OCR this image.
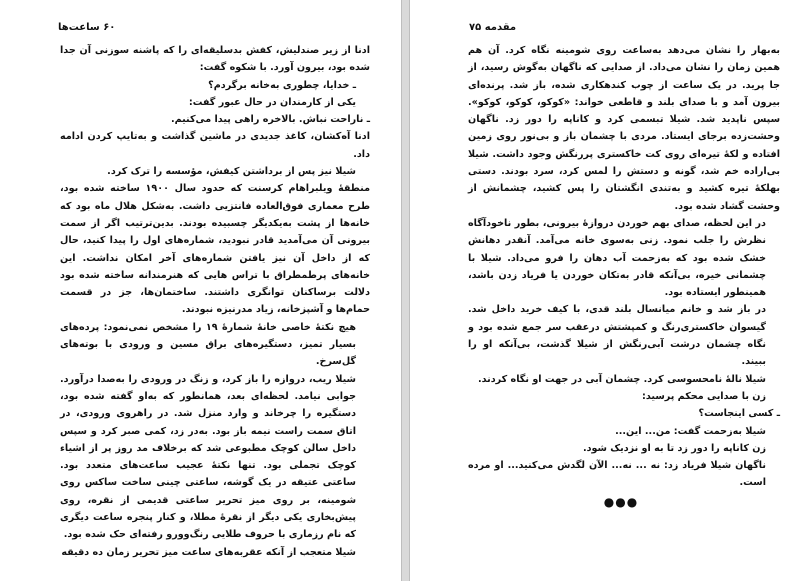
۶۰ ساعت‌ها

ادنا از زیر صندلیش، کفش بدسلیقه‌ای را که پاشنه سوزنی آن جدا شده بود، بیرون آورد. با شکوه گفت:

ـ خدایا، چطوری به‌خانه برگردم؟

یکی از کارمندان در حال عبور گفت:

ـ ناراحت نباش. بالاخره راهی پیدا می‌کنیم.

ادنا آه‌کشان، کاغذ جدیدی در ماشین گذاشت و به‌تایپ کردن ادامه داد.

شیلا نیز پس از برداشتن کیفش، مؤسسه را ترک کرد.

منطقهٔ ویلبراهام کرسنت که حدود سال ۱۹۰۰ ساخته شده بود، طرح معماری فوق‌العاده فانتزیی داشت. به‌شکل هلال ماه بود که خانه‌ها از پشت به‌یکدیگر چسبیده بودند. بدین‌ترتیب اگر از سمت بیرونی آن می‌آمدید قادر نبودید، شماره‌های اول را پیدا کنید، حال که از داخل آن نیز یافتن شماره‌های آخر امکان نداشت. این خانه‌های پرطمطراق با تراس هایی که هنرمندانه ساخته شده بود دلالت برساکنان توانگری داشتند. ساختمان‌ها، جز در قسمت حمام‌ها و آشپزخانه، زیاد مدرنیزه نبودند.

هیچ نکتهٔ خاصی خانهٔ شمارهٔ ۱۹ را مشخص نمی‌نمود: پرده‌های بسیار تمیز، دستگیره‌های براق مسین و ورودی با بوته‌های گل‌سرخ.

شیلا ریب، دروازه را باز کرد، و زنگ در ورودی را به‌صدا درآورد. جوابی نیامد. لحظه‌ای بعد، همانطور که به‌او گفته شده بود، دستگیره را چرخاند و وارد منزل شد. در راهروی ورودی، در اتاق سمت راست نیمه باز بود. به‌در زد، کمی صبر کرد و سپس داخل سالن کوچک مطبوعی شد که برخلاف مد روز پر از اشیاء کوچک تجملی بود. تنها نکتهٔ عجیب ساعت‌های متعدد بود. ساعتی عتیقه در یک گوشه، ساعتی چینی ساخت ساکس روی شومینه، بر روی میز تحریر ساعتی قدیمی از نقره، روی پیش‌بخاری یکی دیگر از نقرهٔ مطلا، و کنار پنجره ساعت دیگری که نام رزماری با حروف طلایی رنگ‌وورو رفته‌ای حک شده بود.

شیلا متعجب از آنکه عقربه‌های ساعت میز تحریر زمان ده دقیقه

مقدمه ۷۵

به‌بهار را نشان می‌دهد به‌ساعت روی شومینه نگاه کرد. آن هم همین زمان را نشان می‌داد. از صدایی که ناگهان به‌گوش رسید، از جا پرید. در یک ساعت از چوب کندهکاری شده، باز شد. پرنده‌ای بیرون آمد و با صدای بلند و قاطعی خواند: «کوکو، کوکو، کوکو». سپس ناپدید شد. شیلا تبسمی کرد و کاناپه را دور زد. ناگهان وحشت‌زده برجای ایستاد. مردی با چشمان باز و بی‌نور روی زمین افتاده و لکهٔ تیره‌ای روی کت خاکستری پررنگش وجود داشت. شیلا بی‌اراده خم شد، گونه و دستش را لمس کرد، سرد بودند. دستی بهلکهٔ تیره کشید و به‌تندی انگشتان را پس کشید، چشمانش از وحشت گشاد شده بود.

در این لحظه، صدای بهم خوردن دروازهٔ بیرونی، بطور ناخودآگاه نظرش را جلب نمود. زنی به‌سوی خانه می‌آمد. آنقدر دهانش خشک شده بود که به‌زحمت آب دهان را فرو می‌داد. شیلا با چشمانی خیره، بی‌آنکه قادر به‌تکان خوردن یا فریاد زدن باشد، همینطور ایستاده بود.

در باز شد و خانم میانسال بلند قدی، با کیف خرید داخل شد. گیسوان خاکستری‌رنگ و کمپشتش درعقب سر جمع شده بود و نگاه چشمان درشت آبی‌رنگش از شیلا گذشت، بی‌آنکه او را ببیند.

شیلا نالهٔ نامحسوسی کرد. چشمان آبی در جهت او نگاه کردند.

زن با صدایی محکم پرسید:

ـ کسی اینجاست؟

شیلا به‌زحمت گفت: من... این...

زن کاناپه را دور زد تا به او نزدیک شود.

ناگهان شیلا فریاد زد: نه ... نه... الآن لگدش می‌کنید... او مرده است.

●●●
